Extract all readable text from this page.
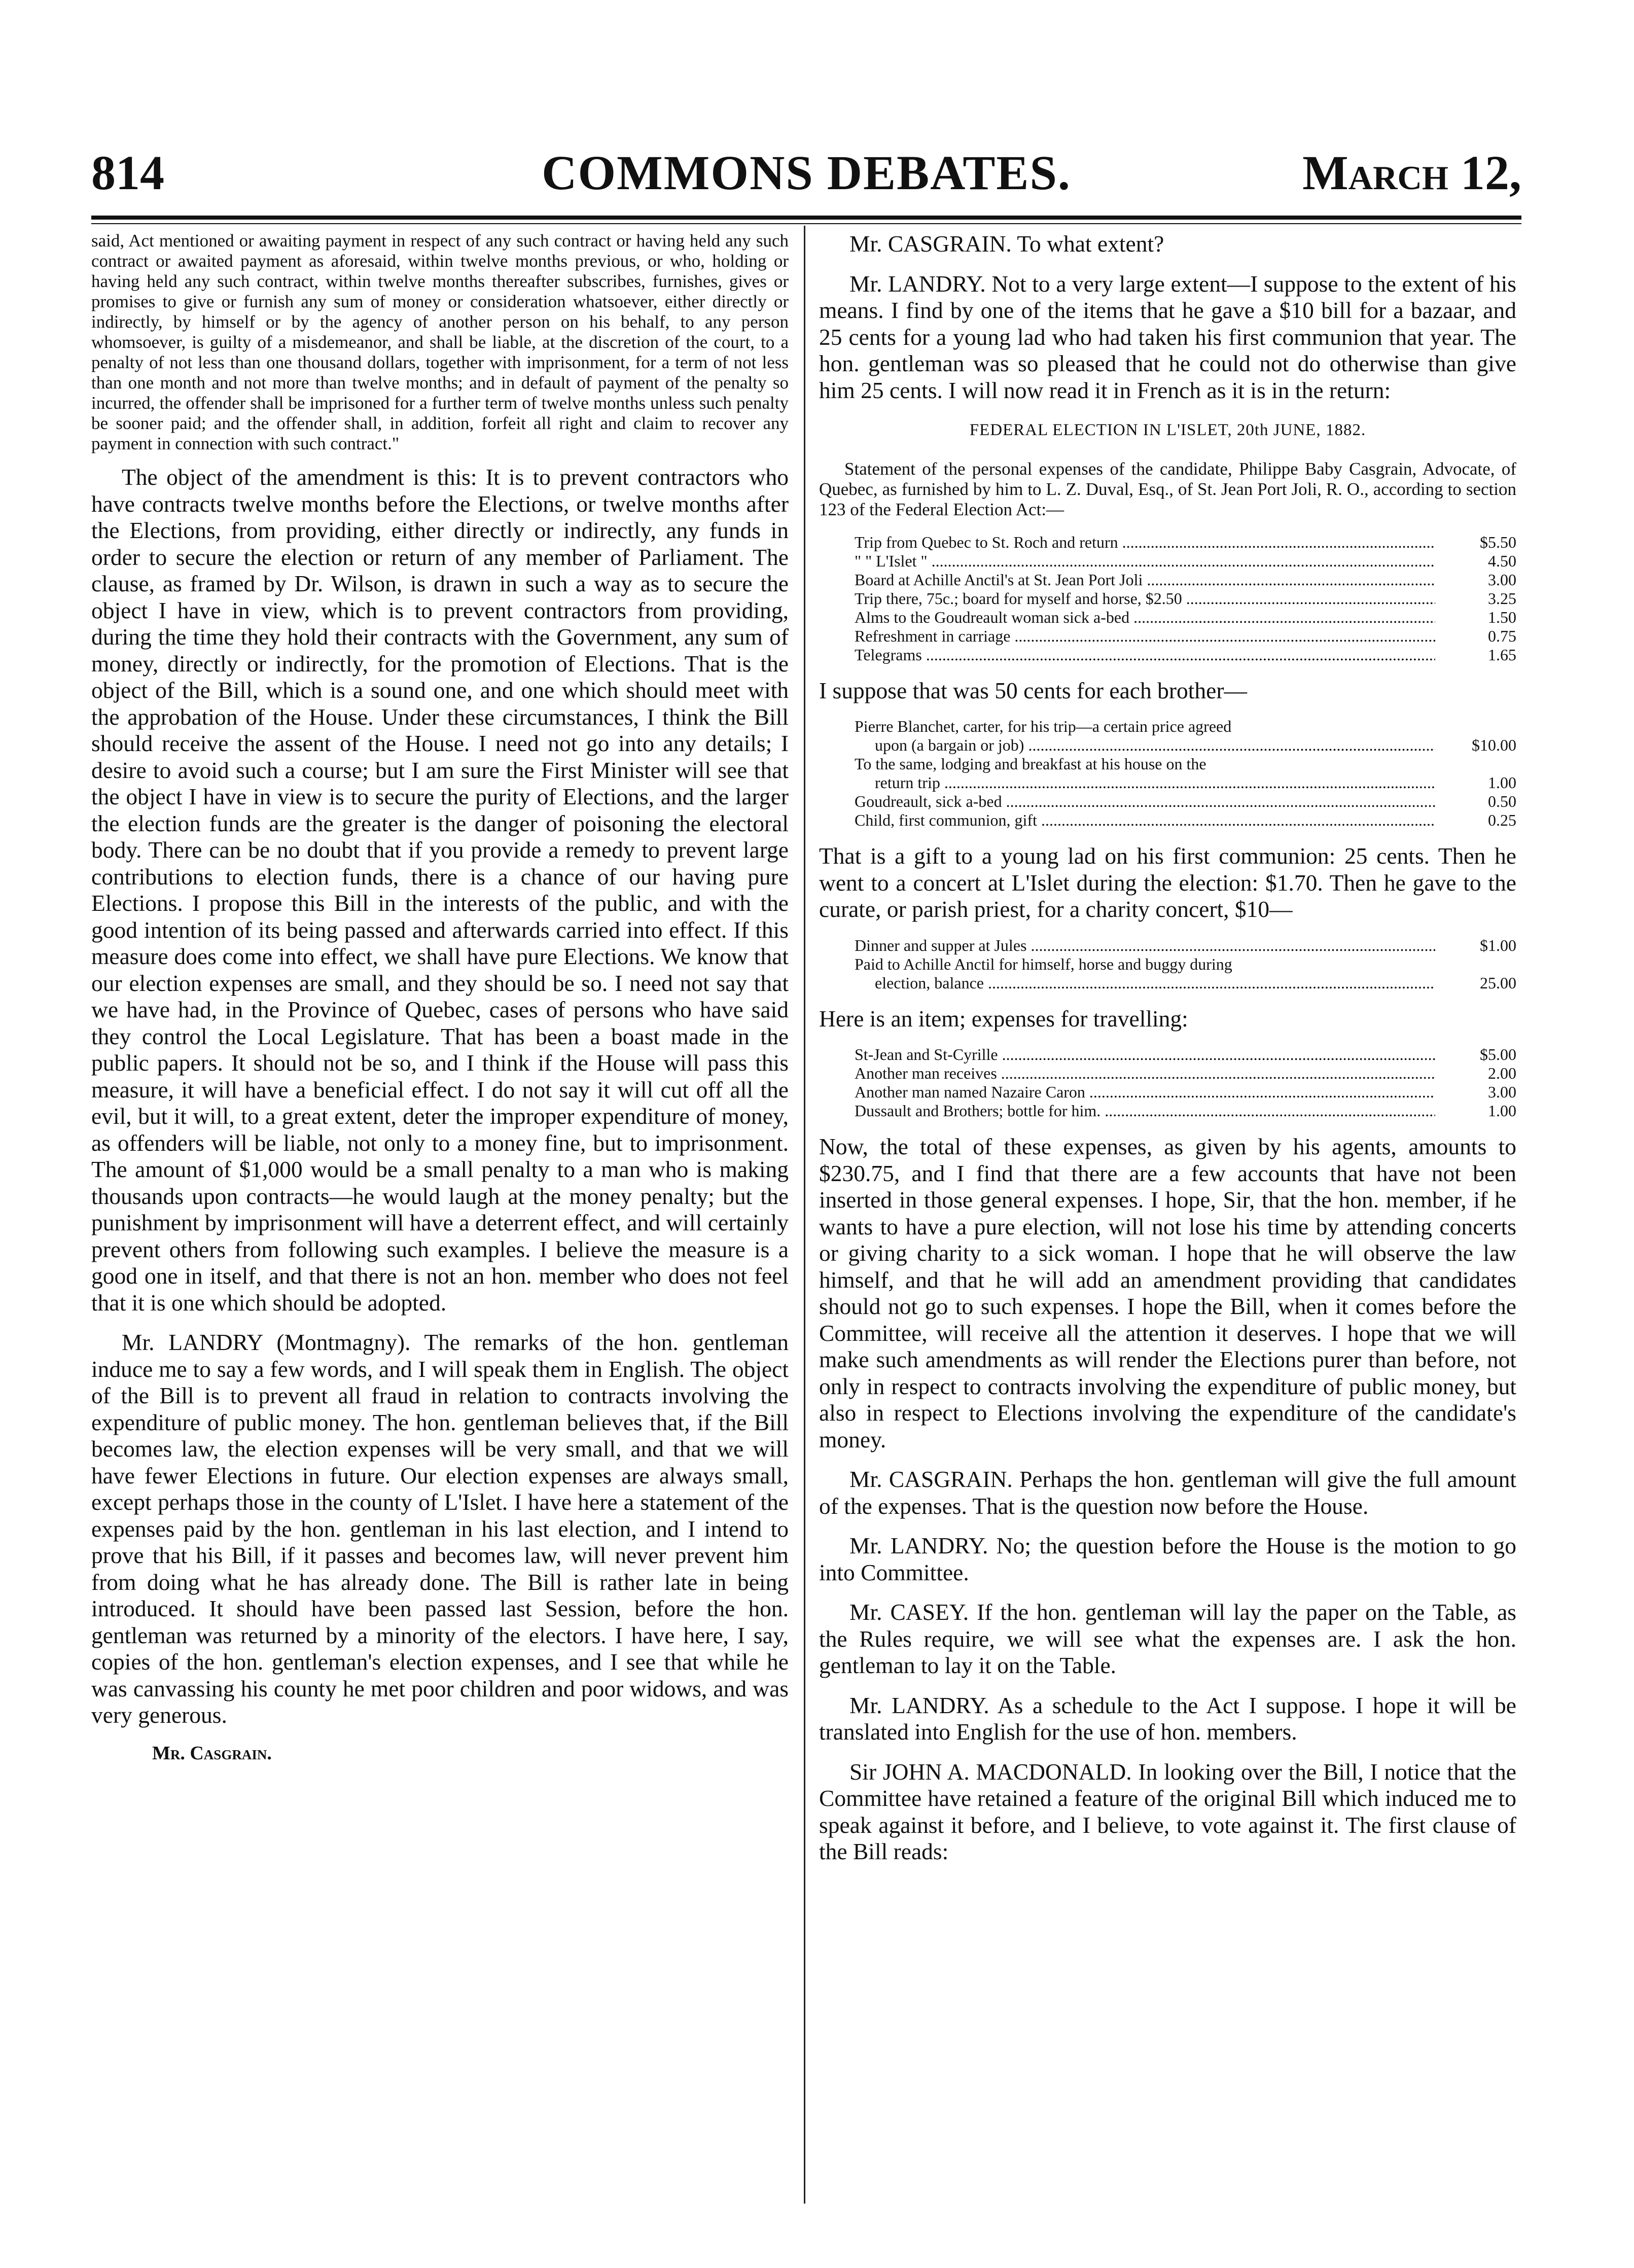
814	COMMONS DEBATES.	March 12,

said, Act mentioned or awaiting payment in respect of any such contract or having held any such contract or awaited payment as aforesaid, within twelve months previous, or who, holding or having held any such contract, within twelve months thereafter subscribes, furnishes, gives or promises to give or furnish any sum of money or consideration whatsoever, either directly or indirectly, by himself or by the agency of another person on his behalf, to any person whomsoever, is guilty of a misdemeanor, and shall be liable, at the discretion of the court, to a penalty of not less than one thousand dollars, together with imprisonment, for a term of not less than one month and not more than twelve months; and in default of payment of the penalty so incurred, the offender shall be imprisoned for a further term of twelve months unless such penalty be sooner paid; and the offender shall, in addition, forfeit all right and claim to recover any payment in connection with such contract."

The object of the amendment is this: It is to prevent contractors who have contracts twelve months before the Elections, or twelve months after the Elections, from providing, either directly or indirectly, any funds in order to secure the election or return of any member of Parliament. The clause, as framed by Dr. Wilson, is drawn in such a way as to secure the object I have in view, which is to prevent contractors from providing, during the time they hold their contracts with the Government, any sum of money, directly or indirectly, for the promotion of Elections. That is the object of the Bill, which is a sound one, and one which should meet with the approbation of the House. Under these circumstances, I think the Bill should receive the assent of the House. I need not go into any details; I desire to avoid such a course; but I am sure the First Minister will see that the object I have in view is to secure the purity of Elections, and the larger the election funds are the greater is the danger of poisoning the electoral body. There can be no doubt that if you provide a remedy to prevent large contributions to election funds, there is a chance of our having pure Elections. I propose this Bill in the interests of the public, and with the good intention of its being passed and afterwards carried into effect. If this measure does come into effect, we shall have pure Elections. We know that our election expenses are small, and they should be so. I need not say that we have had, in the Province of Quebec, cases of persons who have said they control the Local Legislature. That has been a boast made in the public papers. It should not be so, and I think if the House will pass this measure, it will have a beneficial effect. I do not say it will cut off all the evil, but it will, to a great extent, deter the improper expenditure of money, as offenders will be liable, not only to a money fine, but to imprisonment. The amount of $1,000 would be a small penalty to a man who is making thousands upon contracts—he would laugh at the money penalty; but the punishment by imprisonment will have a deterrent effect, and will certainly prevent others from following such examples. I believe the measure is a good one in itself, and that there is not an hon. member who does not feel that it is one which should be adopted.

Mr. LANDRY (Montmagny). The remarks of the hon. gentleman induce me to say a few words, and I will speak them in English. The object of the Bill is to prevent all fraud in relation to contracts involving the expenditure of public money. The hon. gentleman believes that, if the Bill becomes law, the election expenses will be very small, and that we will have fewer Elections in future. Our election expenses are always small, except perhaps those in the county of L'Islet. I have here a statement of the expenses paid by the hon. gentleman in his last election, and I intend to prove that his Bill, if it passes and becomes law, will never prevent him from doing what he has already done. The Bill is rather late in being introduced. It should have been passed last Session, before the hon. gentleman was returned by a minority of the electors. I have here, I say, copies of the hon. gentleman's election expenses, and I see that while he was canvassing his county he met poor children and poor widows, and was very generous.

Mr. Casgrain.

Mr. CASGRAIN. To what extent?

Mr. LANDRY. Not to a very large extent—I suppose to the extent of his means. I find by one of the items that he gave a $10 bill for a bazaar, and 25 cents for a young lad who had taken his first communion that year. The hon. gentleman was so pleased that he could not do otherwise than give him 25 cents. I will now read it in French as it is in the return:

FEDERAL ELECTION IN L'ISLET, 20th JUNE, 1882.

Statement of the personal expenses of the candidate, Philippe Baby Casgrain, Advocate, of Quebec, as furnished by him to L. Z. Duval, Esq., of St. Jean Port Joli, R. O., according to section 123 of the Federal Election Act:—

Trip from Quebec to St. Roch and return .....	$5.50
" " L'Islet " .....	4.50
Board at Achille Anctil's at St. Jean Port Joli .....	3.00
Trip there, 75c.; board for myself and horse, $2.50 .....	3.25
Alms to the Goudreault woman sick a-bed .....	1.50
Refreshment in carriage .....	0.75
Telegrams .....	1.65

I suppose that was 50 cents for each brother—

Pierre Blanchet, carter, for his trip—a certain price agreed
upon (a bargain or job) .....	$10.00
To the same, lodging and breakfast at his house on the
return trip .....	1.00
Goudreault, sick a-bed .....	0.50
Child, first communion, gift .....	0.25

That is a gift to a young lad on his first communion: 25 cents. Then he went to a concert at L'Islet during the election: $1.70. Then he gave to the curate, or parish priest, for a charity concert, $10—

Dinner and supper at Jules .....	$1.00
Paid to Achille Anctil for himself, horse and buggy during
election, balance .....	25.00

Here is an item; expenses for travelling:

St-Jean and St-Cyrille .....	$5.00
Another man receives .....	2.00
Another man named Nazaire Caron .....	3.00
Dussault and Brothers; bottle for him. .....	1.00

Now, the total of these expenses, as given by his agents, amounts to $230.75, and I find that there are a few accounts that have not been inserted in those general expenses. I hope, Sir, that the hon. member, if he wants to have a pure election, will not lose his time by attending concerts or giving charity to a sick woman. I hope that he will observe the law himself, and that he will add an amendment providing that candidates should not go to such expenses. I hope the Bill, when it comes before the Committee, will receive all the attention it deserves. I hope that we will make such amendments as will render the Elections purer than before, not only in respect to contracts involving the expenditure of public money, but also in respect to Elections involving the expenditure of the candidate's money.

Mr. CASGRAIN. Perhaps the hon. gentleman will give the full amount of the expenses. That is the question now before the House.

Mr. LANDRY. No; the question before the House is the motion to go into Committee.

Mr. CASEY. If the hon. gentleman will lay the paper on the Table, as the Rules require, we will see what the expenses are. I ask the hon. gentleman to lay it on the Table.

Mr. LANDRY. As a schedule to the Act I suppose. I hope it will be translated into English for the use of hon. members.

Sir JOHN A. MACDONALD. In looking over the Bill, I notice that the Committee have retained a feature of the original Bill which induced me to speak against it before, and I believe, to vote against it. The first clause of the Bill reads:
